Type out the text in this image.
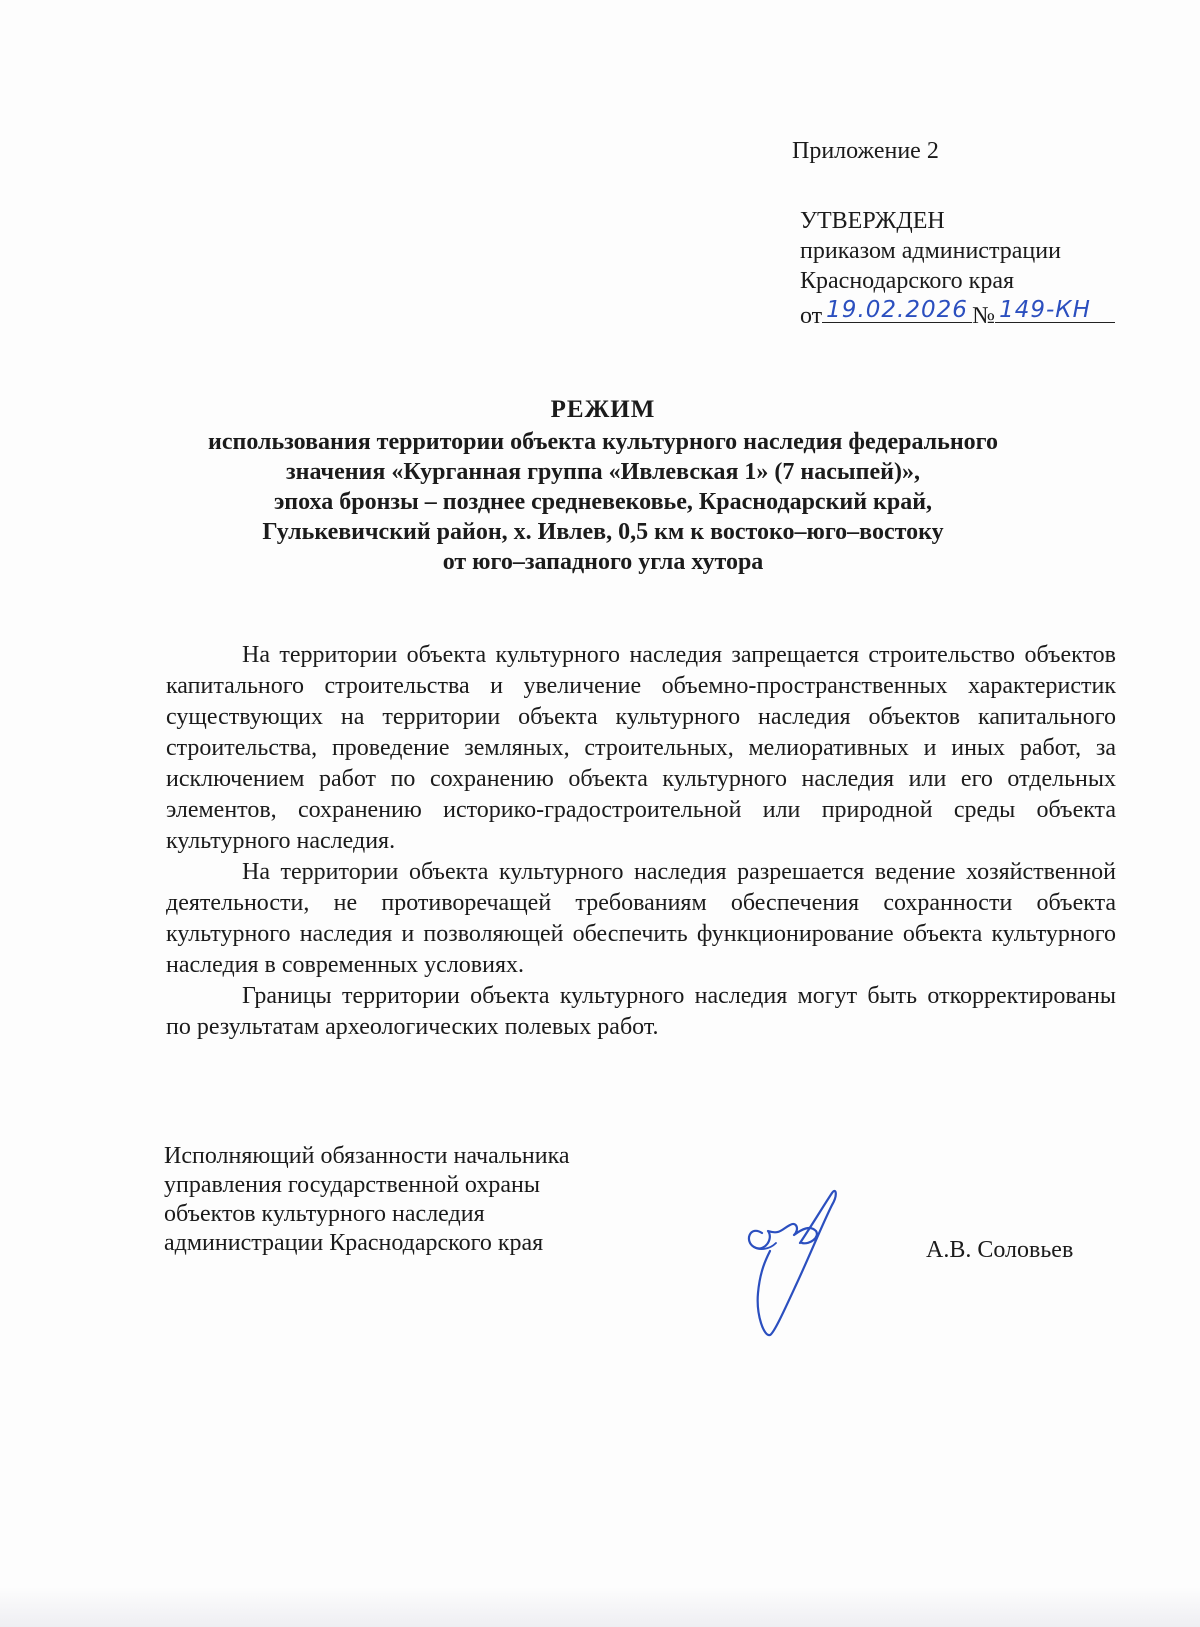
Приложение 2
УТВЕРЖДЕН
приказом администрации
Краснодарского края
от 19.02.2026 № 149-КН
РЕЖИМ
использования территории объекта культурного наследия федерального
значения «Курганная группа «Ивлевская 1» (7 насыпей)»,
эпоха бронзы – позднее средневековье, Краснодарский край,
Гулькевичский район, х. Ивлев, 0,5 км к востоко–юго–востоку
от юго–западного угла хутора

На территории объекта культурного наследия запрещается строительство объектов капитального строительства и увеличение объемно-пространственных характеристик существующих на территории объекта культурного наследия объектов капитального строительства, проведение земляных, строительных, мелиоративных и иных работ, за исключением работ по сохранению объекта культурного наследия или его отдельных элементов, сохранению историко-градостроительной или природной среды объекта культурного наследия.

На территории объекта культурного наследия разрешается ведение хозяйственной деятельности, не противоречащей требованиям обеспечения сохранности объекта культурного наследия и позволяющей обеспечить функционирование объекта культурного наследия в современных условиях.

Границы территории объекта культурного наследия могут быть откорректированы по результатам археологических полевых работ.

Исполняющий обязанности начальника
управления государственной охраны
объектов культурного наследия
администрации Краснодарского края	А.В. Соловьев
